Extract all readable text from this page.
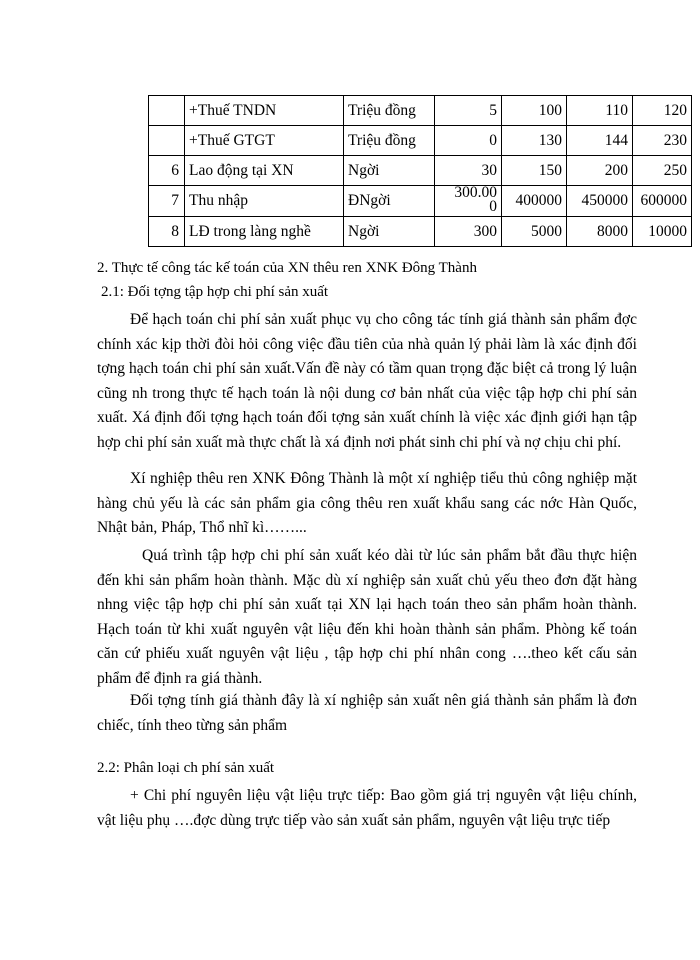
	+Thuế TNDN	Triệu đồng	5	100	110	120
	+Thuế GTGT	Triệu đồng	0	130	144	230
6	Lao động tại XN	Ngời	30	150	200	250
7	Thu nhập	ĐNgời	300.000	400000	450000	600000
8	LĐ trong làng nghề	Ngời	300	5000	8000	10000
2. Thực tế công tác kế toán của XN thêu ren XNK Đông Thành
2.1: Đối tợng tập hợp chi phí sản xuất

Để hạch toán chi phí sản xuất phục vụ cho công tác tính giá thành sản phẩm đợc chính xác kịp thời đòi hỏi công việc đầu tiên của nhà quản lý phải làm là xác định đối tợng hạch toán chi phí sản xuất.Vấn đề này có tầm quan trọng đặc biệt cả trong lý luận cũng nh trong thực tế hạch toán là nội dung cơ bản nhất của việc tập hợp chi phí sản xuất. Xá định đối tợng hạch toán đối tợng sản xuất chính là việc xác định giới hạn tập hợp chi phí sản xuất mà thực chất là xá định nơi phát sinh chi phí và nợ chịu chi phí.

Xí nghiệp thêu ren XNK Đông Thành là một xí nghiệp tiểu thủ công nghiệp mặt hàng chủ yếu là các sản phẩm gia công thêu ren xuất khẩu sang các nớc Hàn Quốc, Nhật bản, Pháp, Thổ nhĩ kì……...

Quá trình tập hợp chi phí sản xuất kéo dài từ lúc sản phẩm bắt đầu thực hiện đến khi sản phẩm hoàn thành. Mặc dù xí nghiệp sản xuất chủ yếu theo đơn đặt hàng nhng việc tập hợp chi phí sản xuất tại XN lại hạch toán theo sản phẩm hoàn thành. Hạch toán từ khi xuất nguyên vật liệu đến khi hoàn thành sản phẩm. Phòng kế toán căn cứ phiếu xuất nguyên vật liệu , tập hợp chi phí nhân cong ….theo kết cấu sản phẩm để định ra giá thành.

Đối tợng tính giá thành đây là xí nghiệp sản xuất nên giá thành sản phẩm là đơn chiếc, tính theo từng sản phẩm

2.2: Phân loại ch phí sản xuất

+ Chi phí nguyên liệu vật liệu trực tiếp: Bao gồm giá trị nguyên vật liệu chính, vật liệu phụ ….đợc dùng trực tiếp vào sản xuất sản phẩm, nguyên vật liệu trực tiếp
